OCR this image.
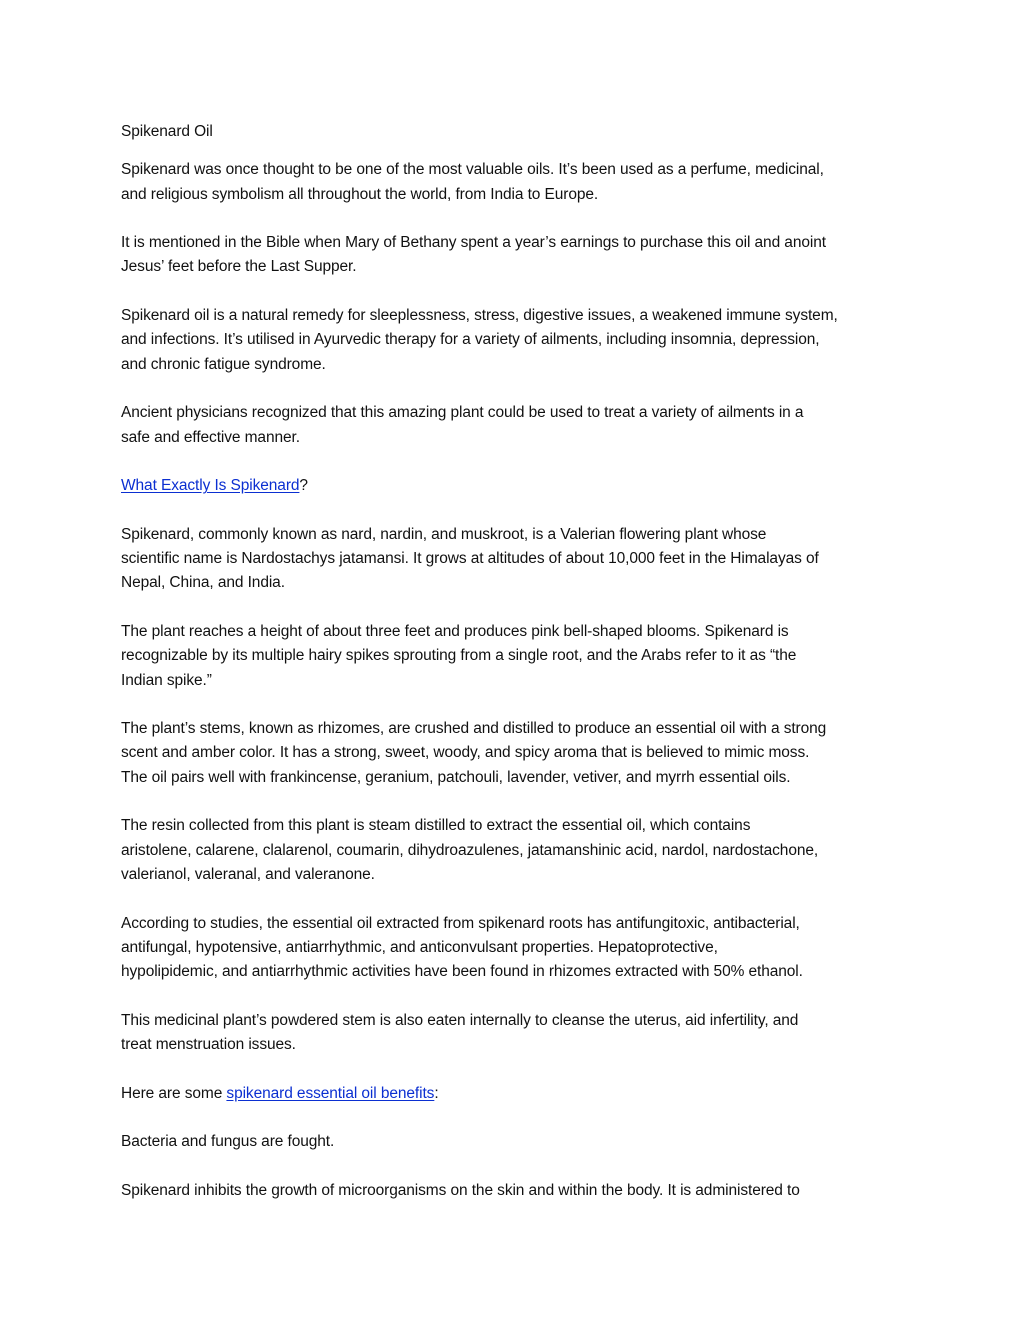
Spikenard Oil

Spikenard was once thought to be one of the most valuable oils. It’s been used as a perfume, medicinal,
and religious symbolism all throughout the world, from India to Europe.

It is mentioned in the Bible when Mary of Bethany spent a year’s earnings to purchase this oil and anoint
Jesus’ feet before the Last Supper.

Spikenard oil is a natural remedy for sleeplessness, stress, digestive issues, a weakened immune system,
and infections. It’s utilised in Ayurvedic therapy for a variety of ailments, including insomnia, depression,
and chronic fatigue syndrome.

Ancient physicians recognized that this amazing plant could be used to treat a variety of ailments in a
safe and effective manner.

What Exactly Is Spikenard?

Spikenard, commonly known as nard, nardin, and muskroot, is a Valerian flowering plant whose
scientific name is Nardostachys jatamansi. It grows at altitudes of about 10,000 feet in the Himalayas of
Nepal, China, and India.

The plant reaches a height of about three feet and produces pink bell-shaped blooms. Spikenard is
recognizable by its multiple hairy spikes sprouting from a single root, and the Arabs refer to it as “the
Indian spike.”

The plant’s stems, known as rhizomes, are crushed and distilled to produce an essential oil with a strong
scent and amber color. It has a strong, sweet, woody, and spicy aroma that is believed to mimic moss.
The oil pairs well with frankincense, geranium, patchouli, lavender, vetiver, and myrrh essential oils.

The resin collected from this plant is steam distilled to extract the essential oil, which contains
aristolene, calarene, clalarenol, coumarin, dihydroazulenes, jatamanshinic acid, nardol, nardostachone,
valerianol, valeranal, and valeranone.

According to studies, the essential oil extracted from spikenard roots has antifungitoxic, antibacterial,
antifungal, hypotensive, antiarrhythmic, and anticonvulsant properties. Hepatoprotective,
hypolipidemic, and antiarrhythmic activities have been found in rhizomes extracted with 50% ethanol.

This medicinal plant’s powdered stem is also eaten internally to cleanse the uterus, aid infertility, and
treat menstruation issues.

Here are some spikenard essential oil benefits:

Bacteria and fungus are fought.

Spikenard inhibits the growth of microorganisms on the skin and within the body. It is administered to
